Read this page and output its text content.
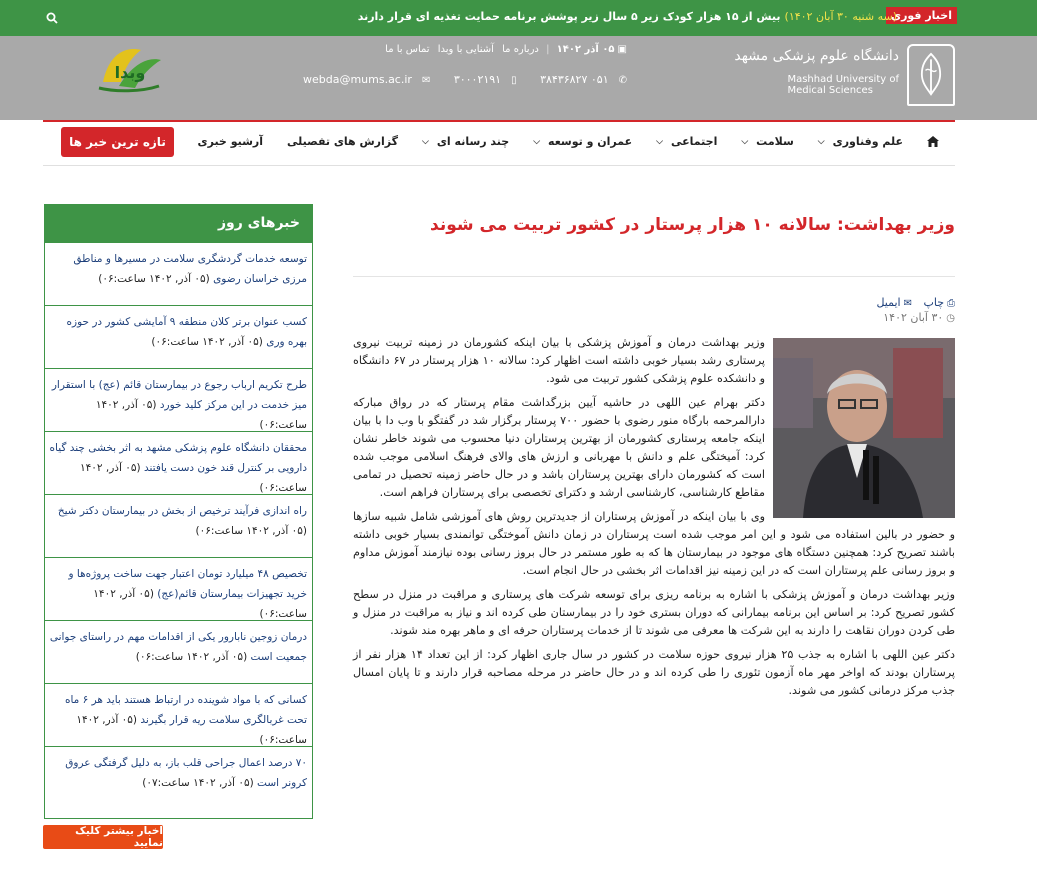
اخبار فوری
(سه شنبه ۳۰ آبان ۱۴۰۲)بیش از ۱۵ هزار کودک زیر ۵ سال زیر پوشش برنامه حمایت تغذیه ای قرار دارند
دانشگاه علوم پزشکی مشهد
Mashhad University of
Medical Sciences
▣۰۵ آذر ۱۴۰۲ | درباره ما آشنایی با وبدا تماس با ما
✆۰۵۱ ۳۸۴۳۶۸۲۷ ▯۳۰۰۰۲۱۹۱ ✉webda@mums.ac.ir
وبدا
علم وفناوری
⌵
سلامت
⌵
اجتماعی
⌵
عمران و توسعه
⌵
چند رسانه ای
⌵
گزارش های تفصیلی
آرشیو خبری
تازه ترین خبر ها
وزیر بهداشت: سالانه ۱۰ هزار پرستار در کشور تربیت می شوند
⎙چاپ ✉ایمیل
◷۳۰ آبان ۱۴۰۲

وزیر بهداشت درمان و آموزش پزشکی با بیان اینکه کشورمان در زمینه تربیت نیروی پرستاری رشد بسیار خوبی داشته است اظهار کرد: سالانه ۱۰ هزار پرستار در ۶۷ دانشگاه و دانشکده علوم پزشکی کشور تربیت می شود.

دکتر بهرام عین اللهی در حاشیه آیین بزرگداشت مقام پرستار که در رواق مبارکه دارالمرحمه بارگاه منور رضوی با حضور ۷۰۰ پرستار برگزار شد در گفتگو با وب دا با بیان اینکه جامعه پرستاری کشورمان از بهترین پرستاران دنیا محسوب می شوند خاطر نشان کرد: آمیختگی علم و دانش با مهربانی و ارزش های والای فرهنگ اسلامی موجب شده است که کشورمان دارای بهترین پرستاران باشد و در حال حاضر زمینه تحصیل در تمامی مقاطع کارشناسی، کارشناسی ارشد و دکترای تخصصی برای پرستاران فراهم است.

وی با بیان اینکه در آموزش پرستاران از جدیدترین روش های آموزشی شامل شبیه سازها و حضور در بالین استفاده می شود و این امر موجب شده است پرستاران در زمان دانش آموختگی توانمندی بسیار خوبی داشته باشند تصریح کرد: همچنین دستگاه های موجود در بیمارستان ها که به طور مستمر در حال بروز رسانی بوده نیازمند آموزش مداوم و بروز رسانی علم پرستاران است که در این زمینه نیز اقدامات اثر بخشی در حال انجام است.

وزیر بهداشت درمان و آموزش پزشکی با اشاره به برنامه ریزی برای توسعه شرکت های پرستاری و مراقبت در منزل در سطح کشور تصریح کرد: بر اساس این برنامه بیمارانی که دوران بستری خود را در بیمارستان طی کرده اند و نیاز به مراقبت در منزل و طی کردن دوران نقاهت را دارند به این شرکت ها معرفی می شوند تا از خدمات پرستاران حرفه ای و ماهر بهره مند شوند.

دکتر عین اللهی با اشاره به جذب ۲۵ هزار نیروی حوزه سلامت در کشور در سال جاری اظهار کرد: از این تعداد ۱۴ هزار نفر از پرستاران بودند که اواخر مهر ماه آزمون تئوری را طی کرده اند و در حال حاضر در مرحله مصاحبه قرار دارند و تا پایان امسال جذب مرکز درمانی کشور می شوند.

خبرهای روز
توسعه خدمات گردشگری سلامت در مسیرها و مناطق مرزی خراسان رضوی (۰۵ آذر, ۱۴۰۲ ساعت:۰۶)
کسب عنوان برتر کلان منطقه ۹ آمایشی کشور در حوزه بهره وری (۰۵ آذر, ۱۴۰۲ ساعت:۰۶)
طرح تکریم ارباب رجوع در بیمارستان قائم (عج) با استقرار میز خدمت در این مرکز کلید خورد (۰۵ آذر, ۱۴۰۲ ساعت:۰۶)
محققان دانشگاه علوم پزشکی مشهد به اثر بخشی چند گیاه دارویی بر کنترل قند خون دست یافتند (۰۵ آذر, ۱۴۰۲ ساعت:۰۶)
راه اندازی فرآیند ترخیص از بخش در بیمارستان دکتر شیخ (۰۵ آذر, ۱۴۰۲ ساعت:۰۶)
تخصیص ۴۸ میلیارد تومان اعتبار جهت ساخت پروژه‌ها و خرید تجهیزات بیمارستان قائم(عج) (۰۵ آذر, ۱۴۰۲ ساعت:۰۶)
درمان زوجین نابارور یکی از اقدامات مهم در راستای جوانی جمعیت است (۰۵ آذر, ۱۴۰۲ ساعت:۰۶)
کسانی که با مواد شوینده در ارتباط هستند باید هر ۶ ماه تحت غربالگری سلامت ریه قرار بگیرند (۰۵ آذر, ۱۴۰۲ ساعت:۰۶)
۷۰ درصد اعمال جراحی قلب باز، به دلیل گرفتگی عروق کرونر است (۰۵ آذر, ۱۴۰۲ ساعت:۰۷)
اخبار بیشتر کلیک نمایید
